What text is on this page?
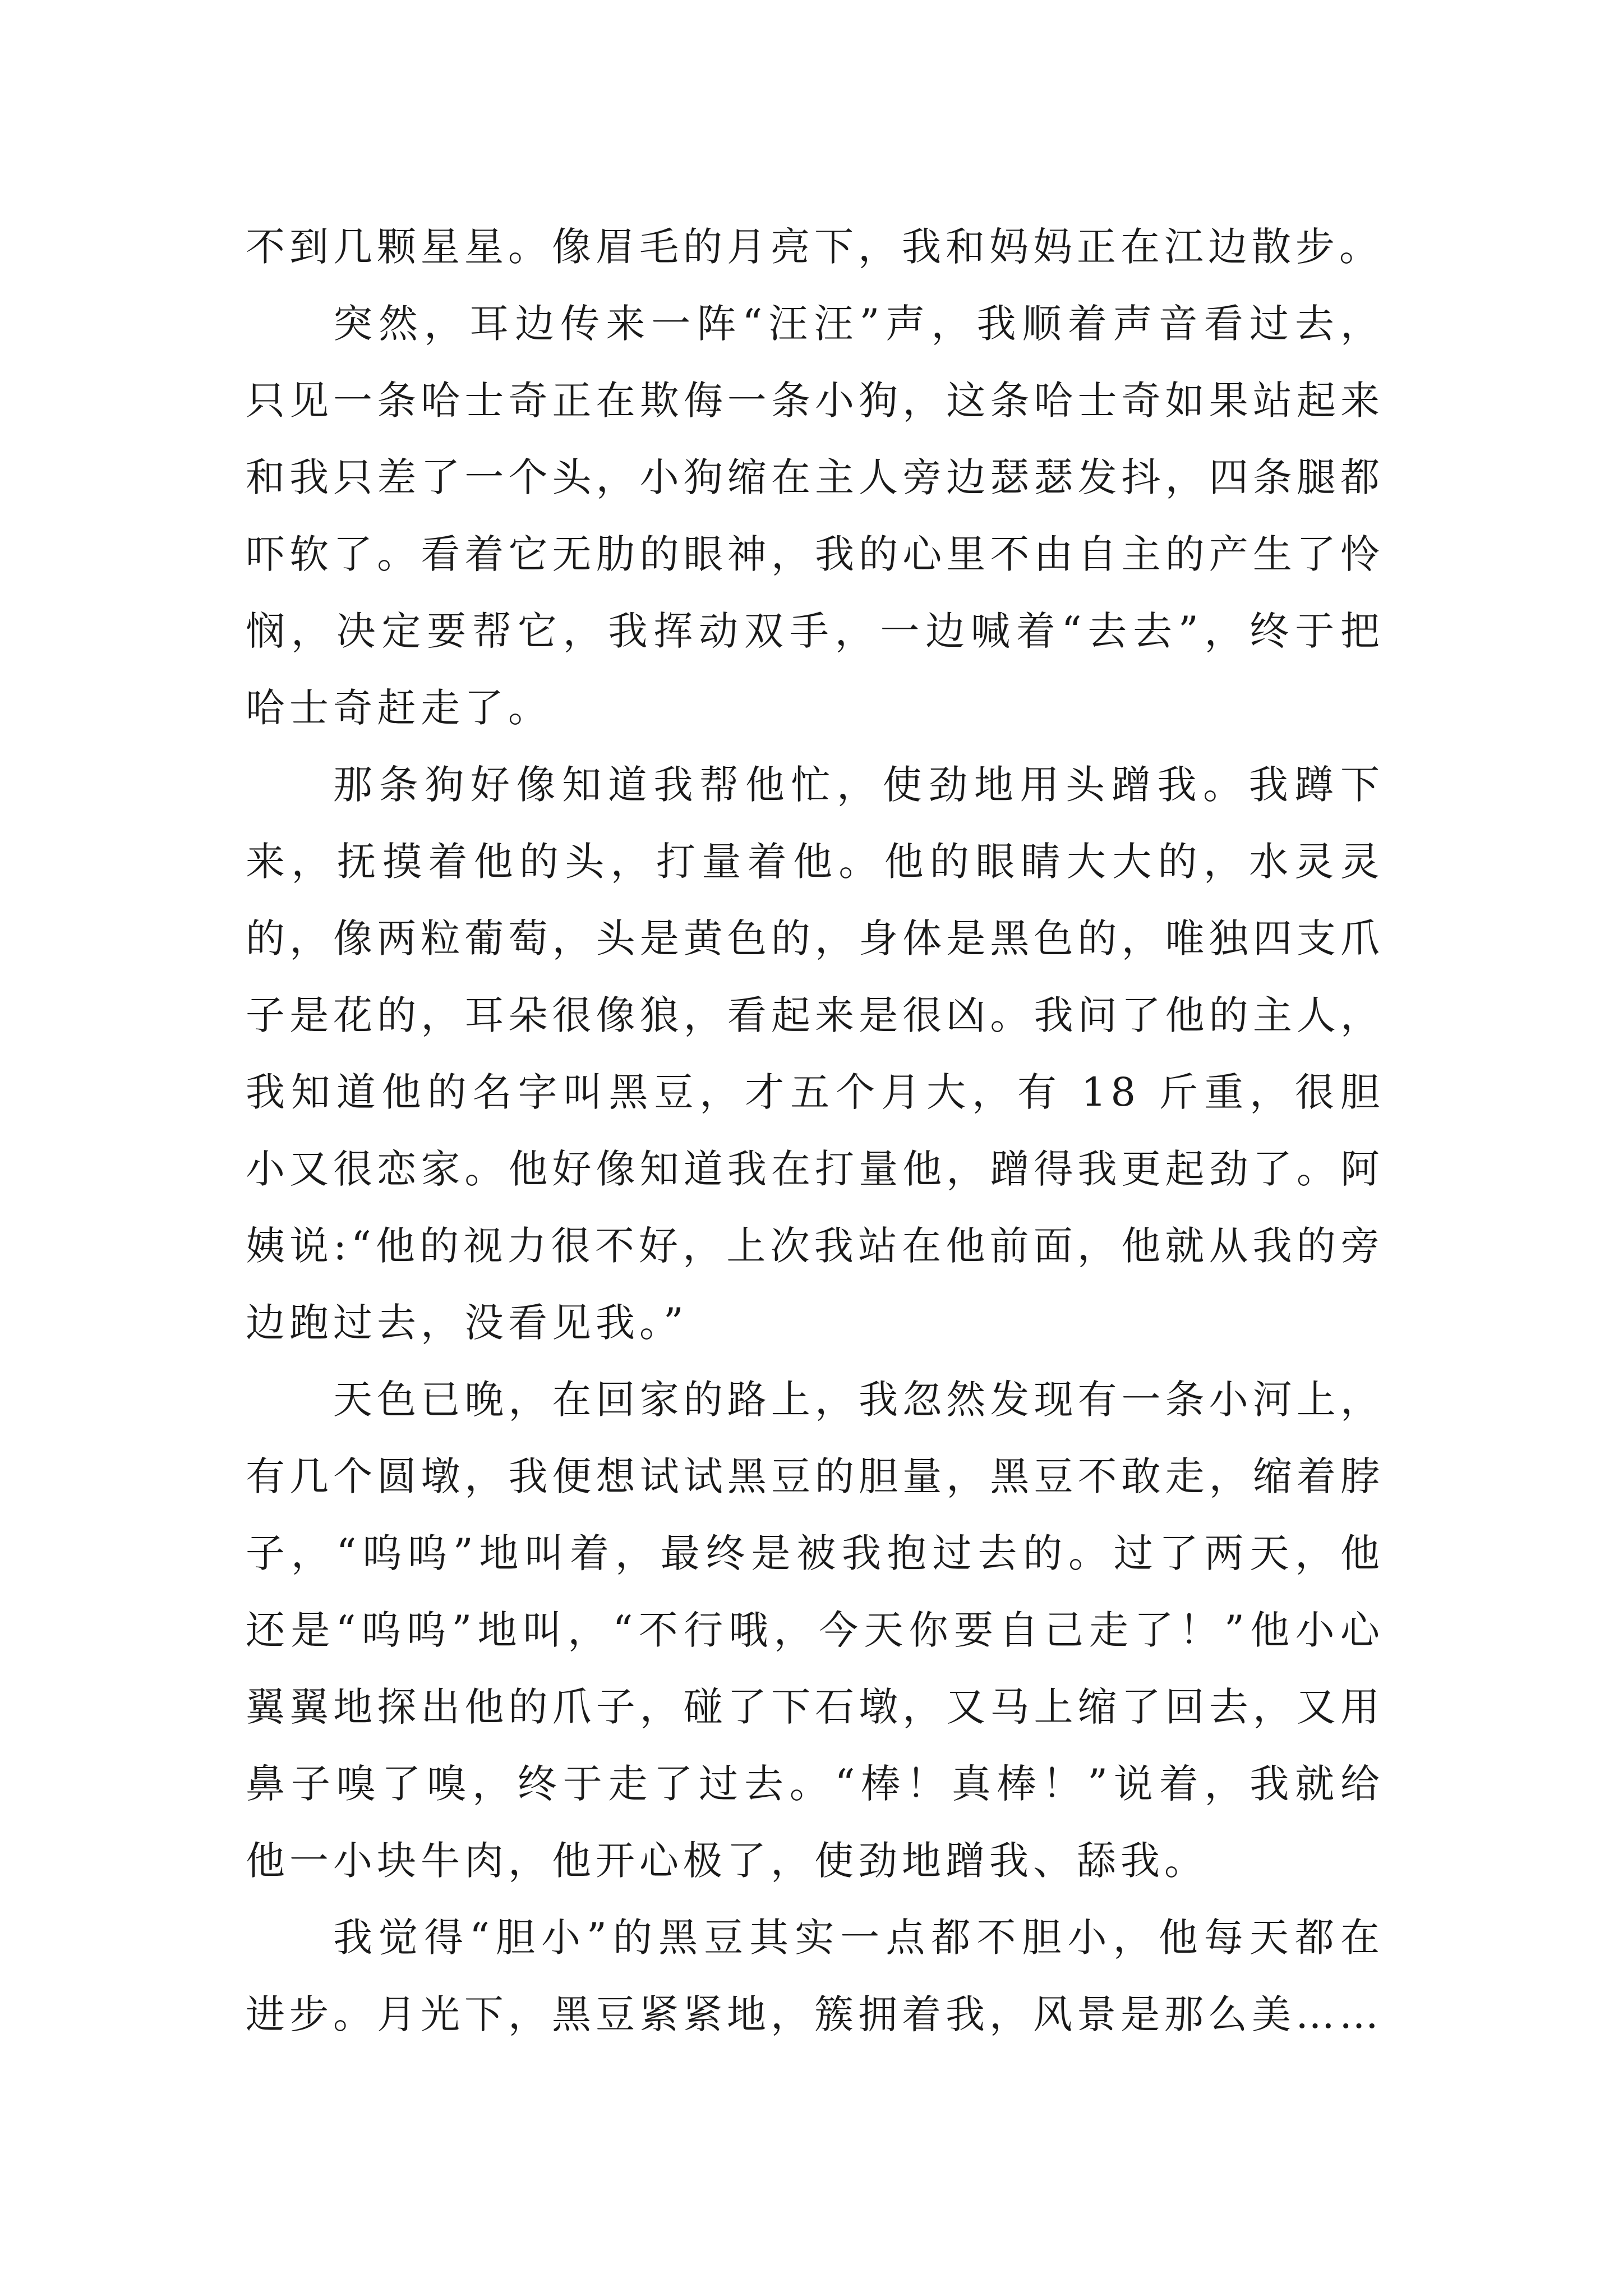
不到几颗星星。像眉毛的月亮下，我和妈妈正在江边散步。

突然，耳边传来一阵“汪汪”声，我顺着声音看过去，只见一条哈士奇正在欺侮一条小狗，这条哈士奇如果站起来和我只差了一个头，小狗缩在主人旁边瑟瑟发抖，四条腿都吓软了。看着它无肋的眼神，我的心里不由自主的产生了怜悯，决定要帮它，我挥动双手，一边喊着“去去”，终于把哈士奇赶走了。

那条狗好像知道我帮他忙，使劲地用头蹭我。我蹲下来，抚摸着他的头，打量着他。他的眼睛大大的，水灵灵的，像两粒葡萄，头是黄色的，身体是黑色的，唯独四支爪子是花的，耳朵很像狼，看起来是很凶。我问了他的主人，我知道他的名字叫黑豆，才五个月大，有 18 斤重，很胆小又很恋家。他好像知道我在打量他，蹭得我更起劲了。阿姨说:“他的视力很不好，上次我站在他前面，他就从我的旁边跑过去，没看见我。”

天色已晚，在回家的路上，我忽然发现有一条小河上，有几个圆墩，我便想试试黑豆的胆量，黑豆不敢走，缩着脖子，“呜呜”地叫着，最终是被我抱过去的。过了两天，他还是“呜呜”地叫，“不行哦，今天你要自己走了！”他小心翼翼地探出他的爪子，碰了下石墩，又马上缩了回去，又用鼻子嗅了嗅，终于走了过去。“棒！真棒！”说着，我就给他一小块牛肉，他开心极了，使劲地蹭我、舔我。

我觉得“胆小”的黑豆其实一点都不胆小，他每天都在进步。月光下，黑豆紧紧地，簇拥着我，风景是那么美……
